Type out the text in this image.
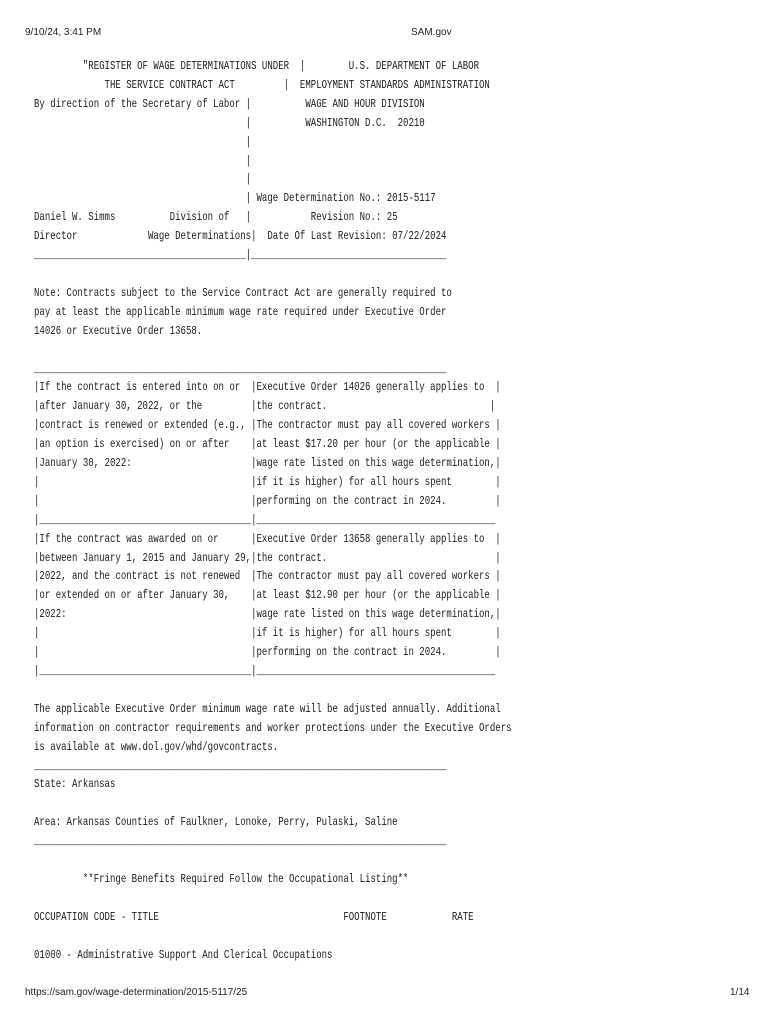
9/10/24, 3:41 PM	SAM.gov
"REGISTER OF WAGE DETERMINATIONS UNDER  |        U.S. DEPARTMENT OF LABOR
THE SERVICE CONTRACT ACT         |  EMPLOYMENT STANDARDS ADMINISTRATION
By direction of the Secretary of Labor |          WAGE AND HOUR DIVISION
|          WASHINGTON D.C.  20210
|
|
|
| Wage Determination No.: 2015-5117
Daniel W. Simms          Division of   |           Revision No.: 25
Director             Wage Determinations|  Date Of Last Revision: 07/22/2024
_______________________________________|____________________________________

Note: Contracts subject to the Service Contract Act are generally required to
pay at least the applicable minimum wage rate required under Executive Order
14026 or Executive Order 13658.

____________________________________________________________________________
|If the contract is entered into on or  |Executive Order 14026 generally applies to  |
|after January 30, 2022, or the         |the contract.                              |
|contract is renewed or extended (e.g., |The contractor must pay all covered workers |
|an option is exercised) on or after    |at least $17.20 per hour (or the applicable |
|January 30, 2022:                      |wage rate listed on this wage determination,|
|                                       |if it is higher) for all hours spent        |
|                                       |performing on the contract in 2024.         |
|_______________________________________|____________________________________________
|If the contract was awarded on or      |Executive Order 13658 generally applies to  |
|between January 1, 2015 and January 29,|the contract.                               |
|2022, and the contract is not renewed  |The contractor must pay all covered workers |
|or extended on or after January 30,    |at least $12.90 per hour (or the applicable |
|2022:                                  |wage rate listed on this wage determination,|
|                                       |if it is higher) for all hours spent        |
|                                       |performing on the contract in 2024.         |
|_______________________________________|____________________________________________

The applicable Executive Order minimum wage rate will be adjusted annually. Additional
information on contractor requirements and worker protections under the Executive Orders
is available at www.dol.gov/whd/govcontracts.
____________________________________________________________________________
State: Arkansas

Area: Arkansas Counties of Faulkner, Lonoke, Perry, Pulaski, Saline
____________________________________________________________________________

**Fringe Benefits Required Follow the Occupational Listing**

OCCUPATION CODE - TITLE                                  FOOTNOTE            RATE

01000 - Administrative Support And Clerical Occupations

https://sam.gov/wage-determination/2015-5117/25	1/14
